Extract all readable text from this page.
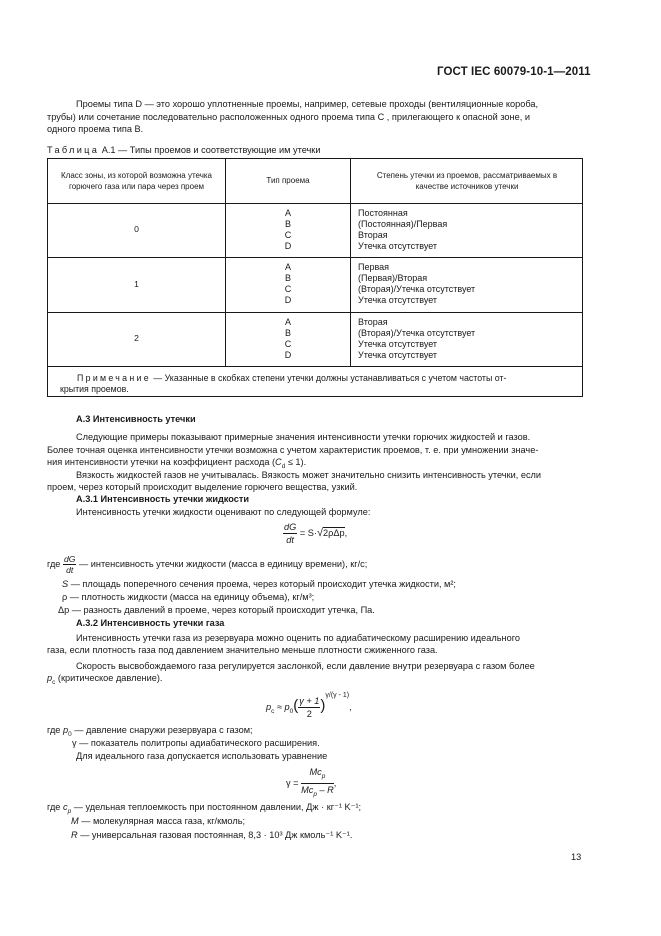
ГОСТ IEC 60079-10-1—2011
Проемы типа D — это хорошо уплотненные проемы, например, сетевые проходы (вентиляционные короба,
трубы) или сочетание последовательно расположенных одного проема типа С , прилегающего к опасной зоне, и
одного проема типа В.
Таблица А.1 — Типы проемов и соответствующие им утечки
Класс зоны, из которой возможна утечка
горючего газа или пара через проем
Тип проема
Степень утечки из проемов, рассматриваемых в
качестве источников утечки
0
A
B
C
D
Постоянная
(Постоянная)/Первая
Вторая
Утечка отсутствует
1
A
B
C
D
Первая
(Первая)/Вторая
(Вторая)/Утечка отсутствует
Утечка отсутствует
2
A
B
C
D
Вторая
(Вторая)/Утечка отсутствует
Утечка отсутствует
Утечка отсутствует
Примечание — Указанные в скобках степени утечки должны устанавливаться с учетом частоты от-
крытия проемов.
А.3 Интенсивность утечки
Следующие примеры показывают примерные значения интенсивности утечки горючих жидкостей и газов.
Более точная оценка интенсивности утечки возможна с учетом характеристик проемов, т. е. при умножении значе-
ния интенсивности утечки на коэффициент расхода $(C_d \le 1)$.
Вязкость жидкостей газов не учитывалась. Вязкость может значительно снизить интенсивность утечки, если
проем, через который происходит выделение горючего вещества, узкий.
А.3.1 Интенсивность утечки жидкости
Интенсивность утечки жидкости оценивают по следующей формуле:
$\frac{dG}{dt} = S\cdot√2\rho\Delta p$,
где $\frac{dG}{dt}$ — интенсивность утечки жидкости (масса в единицу времени), кг/с;
S — площадь поперечного сечения проема, через который происходит утечка жидкости, м²;
ρ — плотность жидкости (масса на единицу объема), кг/м³;
Δp — разность давлений в проеме, через который происходит утечка, Па.
А.3.2 Интенсивность утечки газа
Интенсивность утечки газа из резервуара можно оценить по адиабатическому расширению идеального
газа, если плотность газа под давлением значительно меньше плотности сжиженного газа.
Скорость высвобождаемого газа регулируется заслонкой, если давление внутри резервуара с газом более
$p_c$ (критическое давление).
$p_c \approx p_0( \frac{\gamma + 1}{2} )^{\gamma/(\gamma - 1)}$,
где $p_0$ — давление снаружи резервуара с газом;
γ — показатель политропы адиабатического расширения.
Для идеального газа допускается использовать уравнение
$\gamma = \frac{Mc_p}{Mc_p - R}$ ,
где $c_p$ — удельная теплоемкость при постоянном давлении, Дж · кг⁻¹ K⁻¹;
M — молекулярная масса газа, кг/кмоль;
R — универсальная газовая постоянная, 8,3 · 10³ Дж кмоль⁻¹ K⁻¹.
13
